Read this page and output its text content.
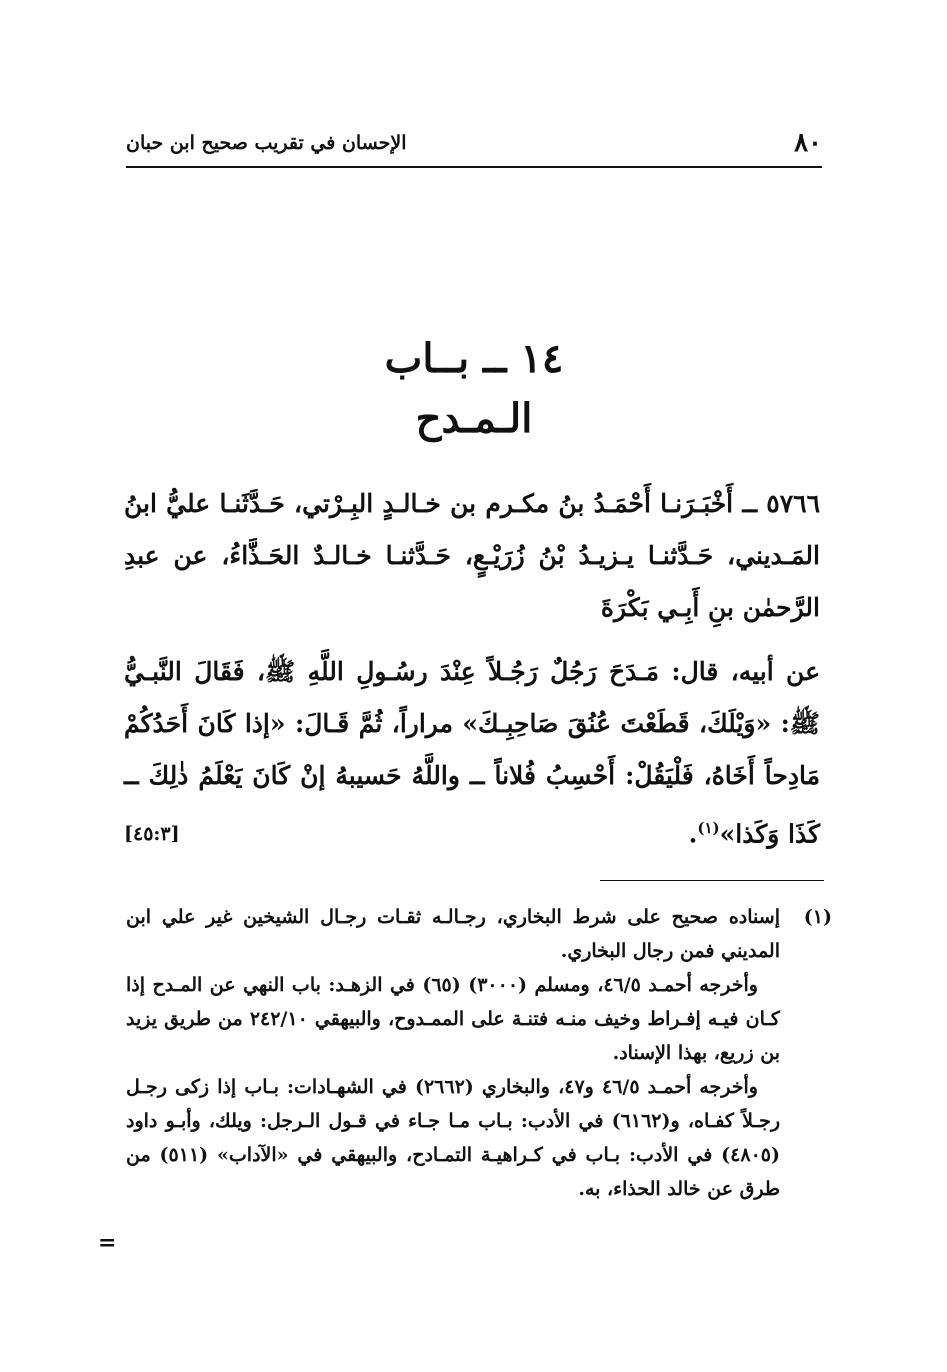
٨٠
الإحسان في تقريب صحيح ابن حبان
١٤ ــ بــاب
الـمـدح

٥٧٦٦ ــ أَخْبَـرَنـا أَحْمَـدُ بنُ مكـرم بن خـالـدٍ البِـرْتي، حَـدَّثَنـا عليُّ ابنُ المَـديني، حَـدَّثنـا يـزيـدُ بْنُ زُرَيْـعٍ، حَـدَّثنـا خـالـدٌ الحَـذَّاءُ، عن عبدِ الرَّحمٰن بنِ أَبِـي بَكْرَةَ

عن أبيه، قال: مَـدَحَ رَجُلٌ رَجُـلاً عِنْدَ رسُـولِ اللَّهِ ﷺ، فَقَالَ النَّبـيُّ ﷺ: «وَيْلَكَ، قَطَعْتَ عُنُقَ صَاحِبِـكَ» مراراً، ثُمَّ قَـالَ: «إذا كَانَ أَحَدُكُمْ مَادِحاً أَخَاهُ، فَلْيَقُلْ: أَحْسِبُ فُلاناً ــ واللَّهُ حَسيبهُ إنْ كَانَ يَعْلَمُ ذٰلِكَ ــ كَذَا وَكَذا»$^{(١)}$.
[٤٥:٣]

(١)

إسناده صحيح على شرط البخاري، رجـالـه ثقـات رجـال الشيخين غير علي ابن المديني فمن رجال البخاري.

وأخرجه أحمـد ٤٦/٥، ومسلم (٣٠٠٠) (٦٥) في الزهـد: باب النهي عن المـدح إذا كـان فيـه إفـراط وخيف منـه فتنـة على الممـدوح، والبيهقي ٢٤٢/١٠ من طريق يزيد بن زريع، بهذا الإسناد.

وأخرجه أحمـد ٤٦/٥ و٤٧، والبخاري (٢٦٦٢) في الشهـادات: بـاب إذا زكى رجـل رجـلاً كفـاه، و(٦١٦٢) في الأدب: بـاب مـا جـاء في قـول الـرجل: ويلك، وأبـو داود (٤٨٠٥) في الأدب: بـاب في كـراهيـة التمـادح، والبيهقي في «الآداب» (٥١١) من طرق عن خالد الحذاء، به.

=
